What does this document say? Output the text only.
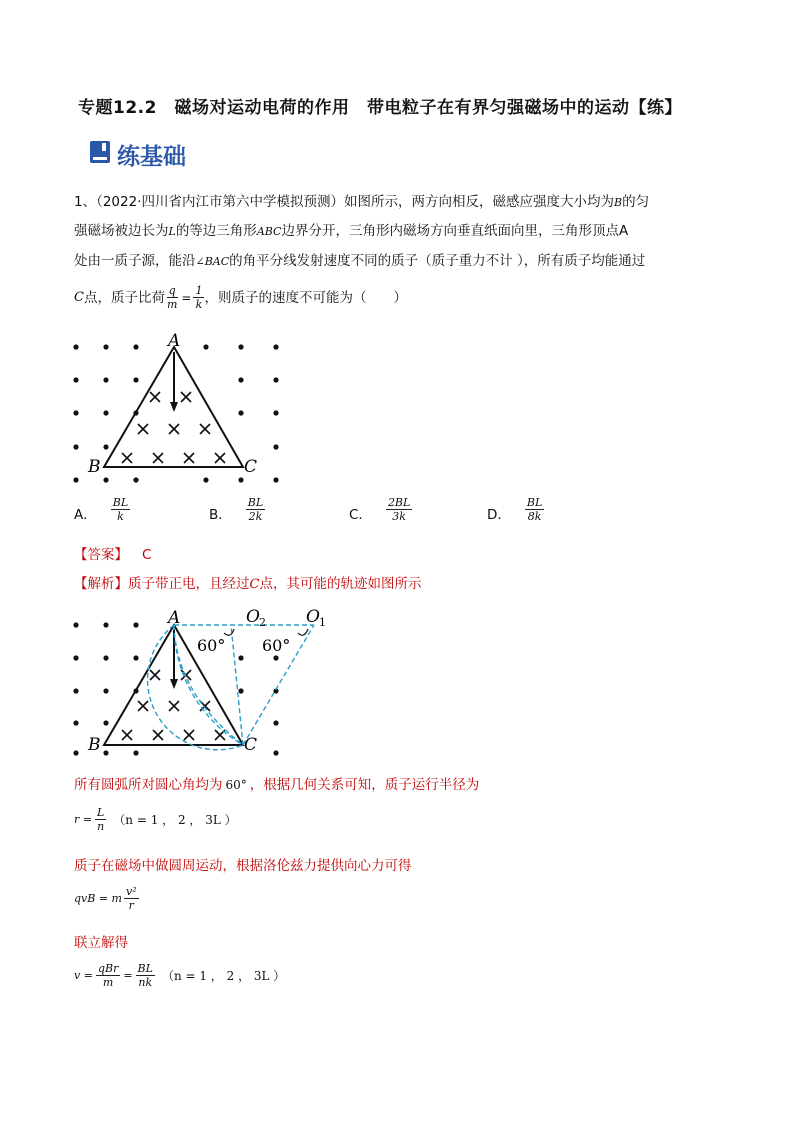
专题12.2　磁场对运动电荷的作用　带电粒子在有界匀强磁场中的运动【练】
练基础
1、（2022·四川省内江市第六中学模拟预测）如图所示，两方向相反，磁感应强度大小均为B的匀
强磁场被边长为L的等边三角形ABC边界分开，三角形内磁场方向垂直纸面向里，三角形顶点A
处由一质子源，能沿∠BAC的角平分线发射速度不同的质子（质子重力不计 ），所有质子均能通过
C 点，质子比荷 $\frac{q}{m} = \frac{1}{k}$ ，则质子的速度不可能为（　　）
A
B	C
A． $\frac{BL}{k}$	B． $\frac{BL}{2k}$	C． $\frac{2BL}{3k}$	D． $\frac{BL}{8k}$
【答案】 C
【解析】质子带正电，且经过C点，其可能的轨迹如图所示
60° 60°
O 2 O 1
A
B	C
所有圆弧所对圆心角均为 60° ，根据几何关系可知，质子运行半径为
$r = \frac{L}{n} (n = 1$ ， 2 ， 3L ）
质子在磁场中做圆周运动，根据洛伦兹力提供向心力可得
qvB = m $\frac{\text{v²}}{r}$
联立解得
$v = \frac{\text{qBr}}{m} = \frac{BL}{nk} (n = 1$ ， 2 ， 3L ）
